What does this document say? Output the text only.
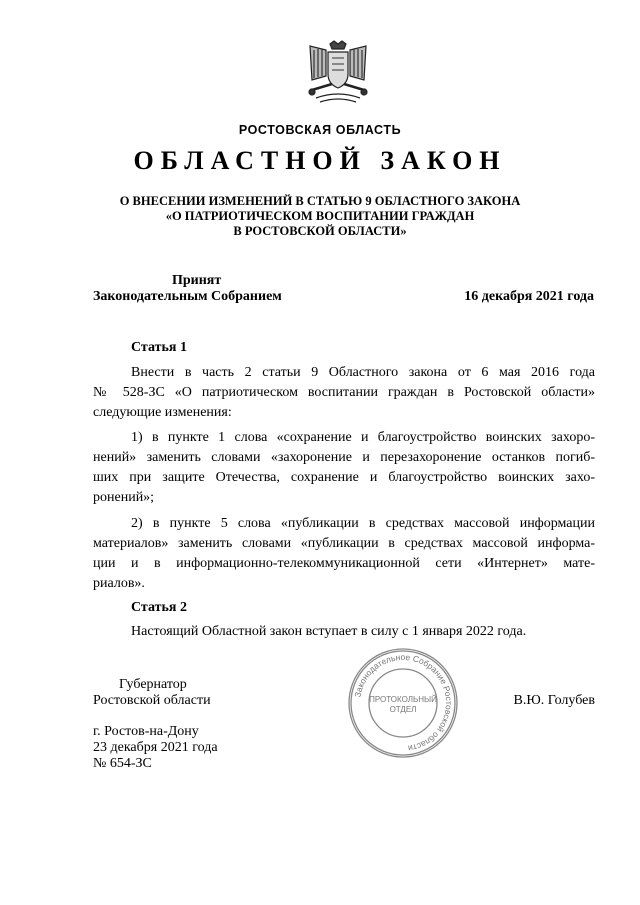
РОСТОВСКАЯ ОБЛАСТЬ
ОБЛАСТНОЙ ЗАКОН
О ВНЕСЕНИИ ИЗМЕНЕНИЙ В СТАТЬЮ 9 ОБЛАСТНОГО ЗАКОНА
«О ПАТРИОТИЧЕСКОМ ВОСПИТАНИИ ГРАЖДАН
В РОСТОВСКОЙ ОБЛАСТИ»
Принят
Законодательным Собранием	16 декабря 2021 года
Статья 1
Внести в часть 2 статьи 9 Областного закона от 6 мая 2016 года
№ 528-ЗС «О патриотическом воспитании граждан в Ростовской области»
следующие изменения:
1) в пункте 1 слова «сохранение и благоустройство воинских захоро-
нений» заменить словами «захоронение и перезахоронение останков погиб-
ших при защите Отечества, сохранение и благоустройство воинских захо-
ронений»;
2) в пункте 5 слова «публикации в средствах массовой информации
материалов» заменить словами «публикации в средствах массовой информа-
ции и в информационно-телекоммуникационной сети «Интернет» мате-
риалов».
Статья 2
Настоящий Областной закон вступает в силу с 1 января 2022 года.
Губернатор
Ростовской области	В.Ю. Голубев
г. Ростов-на-Дону
23 декабря 2021 года
№ 654-ЗС
Законодательное Собрание Ростовской области
ПРОТОКОЛЬНЫЙ
ОТДЕЛ
